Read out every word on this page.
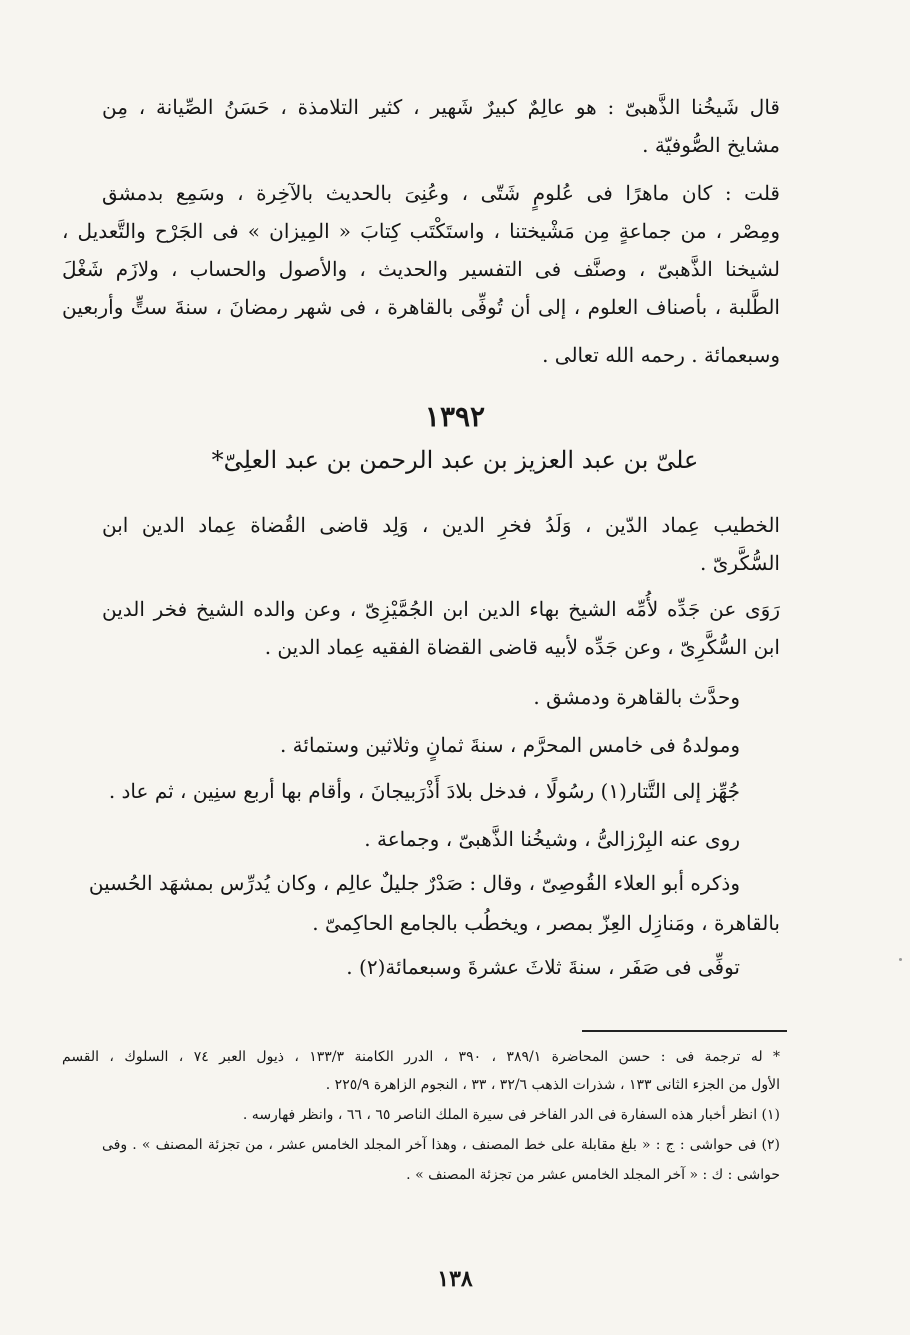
قال شَيخُنا الذَّهبىّ : هو عالِمٌ كبيرٌ شَهير ، كثير التلامذة ، حَسَنُ الصِّيانة ، مِن
مشايخ الصُّوفيّة .
قلت : كان ماهرًا فى عُلومٍ شَتّى ، وعُنِىَ بالحديث بالآخِرة ، وسَمِع بدمشق
ومِصْر ، من جماعةٍ مِن مَشْيختنا ، واستَكْتَب كِتابَ « المِيزان » فى الجَرْح والتَّعديل ،
لشيخنا الذَّهبىّ ، وصنَّف فى التفسير والحديث ، والأصول والحساب ، ولازَم شَغْلَ
الطَّلبة ، بأصناف العلوم ، إلى أن تُوفِّى بالقاهرة ، فى شهر رمضانَ ، سنةَ ستٍّ وأربعين
وسبعمائة . رحمه الله تعالى .
١٣٩٢
علىّ بن عبد العزيز بن عبد الرحمن بن عبد العلِىّ*
الخطيب عِماد الدّين ، وَلَدُ فخرِ الدين ، وَلِد قاضى القُضاة عِماد الدين ابن
السُّكَّرىّ .
رَوَى عن جَدِّه لأُمِّه الشيخ بهاء الدين ابن الجُمَّيْزِىّ ، وعن والده الشيخ فخر الدين
ابن السُّكَّرِىّ ، وعن جَدِّه لأبيه قاضى القضاة الفقيه عِماد الدين .
وحدَّث بالقاهرة ودمشق .
ومولدهُ فى خامس المحرَّم ، سنةَ ثمانٍ وثلاثين وستمائة .
جُهِّز إلى التَّتار(١) رسُولًا ، فدخل بلادَ أَذْرَبيجانَ ، وأقام بها أربع سنِين ، ثم عاد .
روى عنه البِرْزالىُّ ، وشيخُنا الذَّهبىّ ، وجماعة .
وذكره أبو العلاء القُوصِىّ ، وقال : صَدْرٌ جليلٌ عالِم ، وكان يُدرِّس بمشهَد الحُسين
بالقاهرة ، ومَنازِل العِزّ بمصر ، ويخطُب بالجامع الحاكِمىّ .
توفِّى فى صَفَر ، سنةَ ثلاثَ عشرةَ وسبعمائة(٢) .
* له ترجمة فى : حسن المحاضرة ٣٨٩/١ ، ٣٩٠ ، الدرر الكامنة ١٣٣/٣ ، ذيول العبر ٧٤ ، السلوك ، القسم
الأول من الجزء الثانى ١٣٣ ، شذرات الذهب ٣٢/٦ ، ٣٣ ، النجوم الزاهرة ٢٢٥/٩ .
(١) انظر أخبار هذه السفارة فى الدر الفاخر فى سيرة الملك الناصر ٦٥ ، ٦٦ ، وانظر فهارسه .
(٢) فى حواشى : ج : « بلغ مقابلة على خط المصنف ، وهذا آخر المجلد الخامس عشر ، من تجزئة المصنف » . وفى
حواشى : ك : « آخر المجلد الخامس عشر من تجزئة المصنف » .
١٣٨
